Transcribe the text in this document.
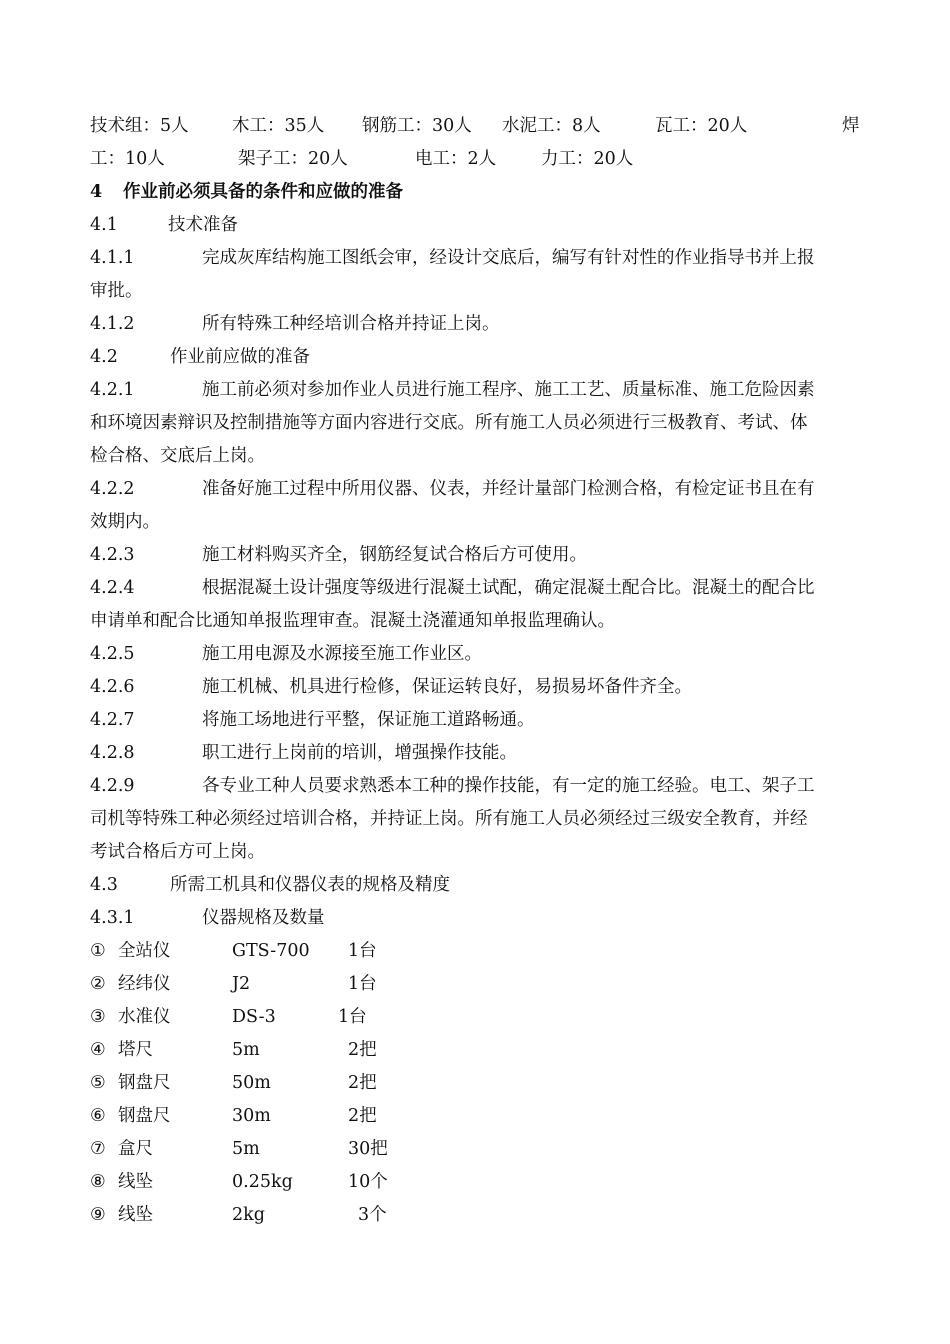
技术组：5人 木工：35人 钢筋工：30人 水泥工：8人	瓦工：20人	焊
工：10人	架子工：20人	电工：2人	力工：20人
4 作业前必须具备的条件和应做的准备
4.1	技术准备
4.1.1	完成灰库结构施工图纸会审，经设计交底后，编写有针对性的作业指导书并上报
审批。
4.1.2	所有特殊工种经培训合格并持证上岗。
4.2	作业前应做的准备
4.2.1	施工前必须对参加作业人员进行施工程序、施工工艺、质量标准、施工危险因素
和环境因素辩识及控制措施等方面内容进行交底。所有施工人员必须进行三极教育、考试、体
检合格、交底后上岗。
4.2.2	准备好施工过程中所用仪器、仪表，并经计量部门检测合格，有检定证书且在有
效期内。
4.2.3	施工材料购买齐全，钢筋经复试合格后方可使用。
4.2.4	根据混凝土设计强度等级进行混凝土试配，确定混凝土配合比。混凝土的配合比
申请单和配合比通知单报监理审查。混凝土浇灌通知单报监理确认。
4.2.5	施工用电源及水源接至施工作业区。
4.2.6	施工机械、机具进行检修，保证运转良好，易损易坏备件齐全。
4.2.7	将施工场地进行平整，保证施工道路畅通。
4.2.8	职工进行上岗前的培训，增强操作技能。
4.2.9	各专业工种人员要求熟悉本工种的操作技能，有一定的施工经验。电工、架子工
司机等特殊工种必须经过培训合格，并持证上岗。所有施工人员必须经过三级安全教育，并经
考试合格后方可上岗。
4.3	所需工机具和仪器仪表的规格及精度
4.3.1	仪器规格及数量
① 全站仪	GTS-700 1台
② 经纬仪	J2	1台
③ 水准仪	DS-3	1台
④ 塔尺	5m	2把
⑤ 钢盘尺	50m	2把
⑥ 钢盘尺	30m	2把
⑦ 盒尺	5m	30把
⑧ 线坠	0.25kg	10个
⑨ 线坠	2kg	3个
